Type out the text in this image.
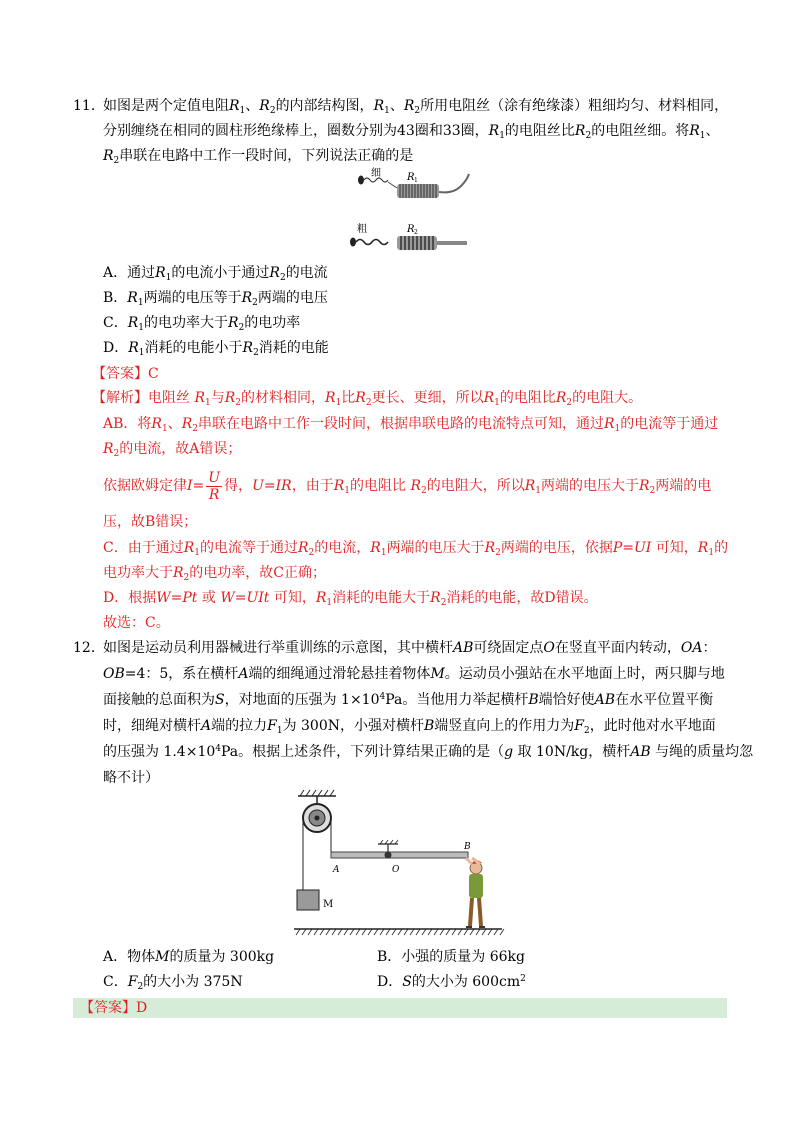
11．
如图是两个定值电阻$R_1$、$R_2$的内部结构图，$R_1$、$R_2$所用电阻丝（涂有绝缘漆）粗细均匀、材料相同，
分别缠绕在相同的圆柱形绝缘棒上，圈数分别为43圈和33圈，$R_1$的电阻丝比$R_2$的电阻丝细。将$R_1$、
$R_2$串联在电路中工作一段时间，下列说法正确的是
细	R 1
粗	R 2
A．通过$R_1$的电流小于通过$R_2$的电流
B．$R_1$两端的电压等于$R_2$两端的电压
C．$R_1$的电功率大于$R_2$的电功率
D．$R_1$消耗的电能小于$R_2$消耗的电能
【答案】C
【解析】电阻丝 $R_1$与$R_2$的材料相同，$R_1$比$R_2$更长、更细，所以$R_1$的电阻比$R_2$的电阻大。
AB．将$R_1$、$R_2$串联在电路中工作一段时间，根据串联电路的电流特点可知，通过$R_1$的电流等于通过
$R_2$的电流，故A错误；
依据欧姆定律$I= \frac{U}{R}$ 得，U=IR，由于$R_1$的电阻比 $R_2$的电阻大，所以$R_1$两端的电压大于$R_2$两端的电
压，故B错误；
C．由于通过$R_1$的电流等于通过$R_2$的电流，$R_1$两端的电压大于$R_2$两端的电压，依据P=UI 可知，$R_1$的
电功率大于$R_2$的电功率，故C正确；
D．根据W=Pt 或 W=UIt 可知，$R_1$消耗的电能大于$R_2$消耗的电能，故D错误。
故选：C。
12．
如图是运动员利用器械进行举重训练的示意图，其中横杆AB可绕固定点O在竖直平面内转动，OA：
OB=4：5，系在横杆A端的细绳通过滑轮悬挂着物体M。运动员小强站在水平地面上时，两只脚与地
面接触的总面积为S，对地面的压强为 $1\times 10^4Pa$。当他用力举起横杆B端恰好使AB在水平位置平衡
时，细绳对横杆A端的拉力$F_1$为 300N，小强对横杆B端竖直向上的作用力为$F_2$，此时他对水平地面
的压强为 $1.4\times 10^4Pa$。根据上述条件，下列计算结果正确的是（g 取 10N/kg，横杆AB 与绳的质量均忽
略不计）
M
A	O
B
A．物体M的质量为 300kg	B．小强的质量为 66kg
C．$F_2$的大小为 375N	D．S的大小为 $600cm^2$
【答案】D
